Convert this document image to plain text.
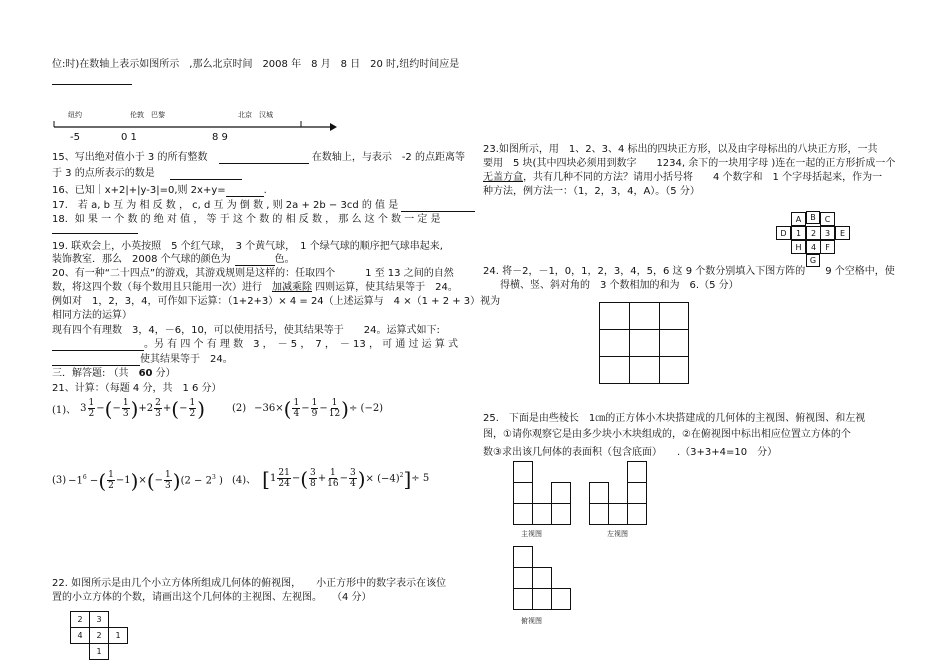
位:时)在数轴上表示如图所示　,那么北京时间　2008 年　8 月　8 日　20 时,纽约时间应是
纽约	伦敦　巴黎	北京　汉城
-5	0 1	8 9
15、写出绝对值小于 3 的所有整数	在数轴上，与表示　-2 的点距离等
于 3 的点所表示的数是
16、已知｜x+2|+|y-3|=0,则 2x+y=	.
17.　若 a, b 互 为 相 反 数 ， c, d 互 为 倒 数 , 则 2a + 2b − 3cd 的 值 是
18．如 果 一 个 数 的 绝 对 值 ， 等 于 这 个 数 的 相 反 数 ， 那 么 这 个 数 一 定 是
19. 联欢会上，小英按照　5 个红气球，　3 个黄气球，　1 个绿气球的顺序把气球串起来,
装饰教室．那么　2008 个气球的颜色为	色。
20、有一种“二十四点”的游戏，其游戏规则是这样的：任取四个　　　1 至 13 之间的自然
数，将这四个数（每个数用且只能用一次）进行　加减乘除 四则运算，使其结果等于　24。
例如对　1，2，3，4，可作如下运算：（1+2+3）× 4 = 24（上述运算与　4 ×（1 + 2 + 3）视为
相同方法的运算）
现有四个有理数　3，4，－6，10，可以使用括号，使其结果等于　　24。运算式如下:
。另 有 四 个 有 理 数　3 ，　－ 5 ，　7 ，　－ 13 ， 可 通 过 运 算 式
使其结果等于　24。
三．解答题: （共　60 分）
21、计算：（每题 4 分，共　1 6 分）
(1)、 $3 \frac{1}{2}$ − ( − $\frac{1}{3}$ ) $+2 \frac{2}{3}$ + ( − $\frac{1}{2}$ )	(2) −36× ( $\frac{1}{4} - \frac{1}{9} - \frac{1}{12}$ ) ÷ (−2)
$(3) -1^6$ − ( $\frac{1}{2} -1$ ) × ( − $\frac{1}{3}$ ) ($2 - 2^3$ ) (4)、 [ $1 \frac{21}{24}$ − ( $\frac{3}{8} + \frac{1}{16} - \frac{3}{4}$ ) × $(-4)^2$ ] ÷ 5
22. 如图所示是由几个小立方体所组成几何体的俯视图，　　小正方形中的数字表示在该位
置的小立方体的个数，请画出这个几何体的主视图、左视图。　　（4 分）
2	3
4	2	1
1
23.如图所示，用　1、2、3、4 标出的四块正方形，以及由字母标出的八块正方形，一共
要用　5 块(其中四块必须用到数字　　1234, 余下的一块用字母 )连在一起的正方形折成一个
无盖方盒，共有几种不同的方法？请用小括号将　　4 个数字和　1 个字母括起来，作为一
种方法，例方法一：（1，2，3，4，A）。（5 分）
A	B	C
D	1	2	3	E
H	4	F
G
24. 将－2，－1，0，1，2，3，4，5，6 这 9 个数分别填入下图方阵的　　9 个空格中，使
得横、竖、斜对角的　3 个数相加的和为　6.（5 分）
25.　下面是由些棱长　1㎝的正方体小木块搭建成的几何体的主视图、俯视图、和左视
图，①请你观察它是由多少块小木块组成的，②在俯视图中标出相应位置立方体的个
数③求出该几何体的表面积（包含底面）　　.（3+3+4=10　分）
主视图	左视图
俯视图
